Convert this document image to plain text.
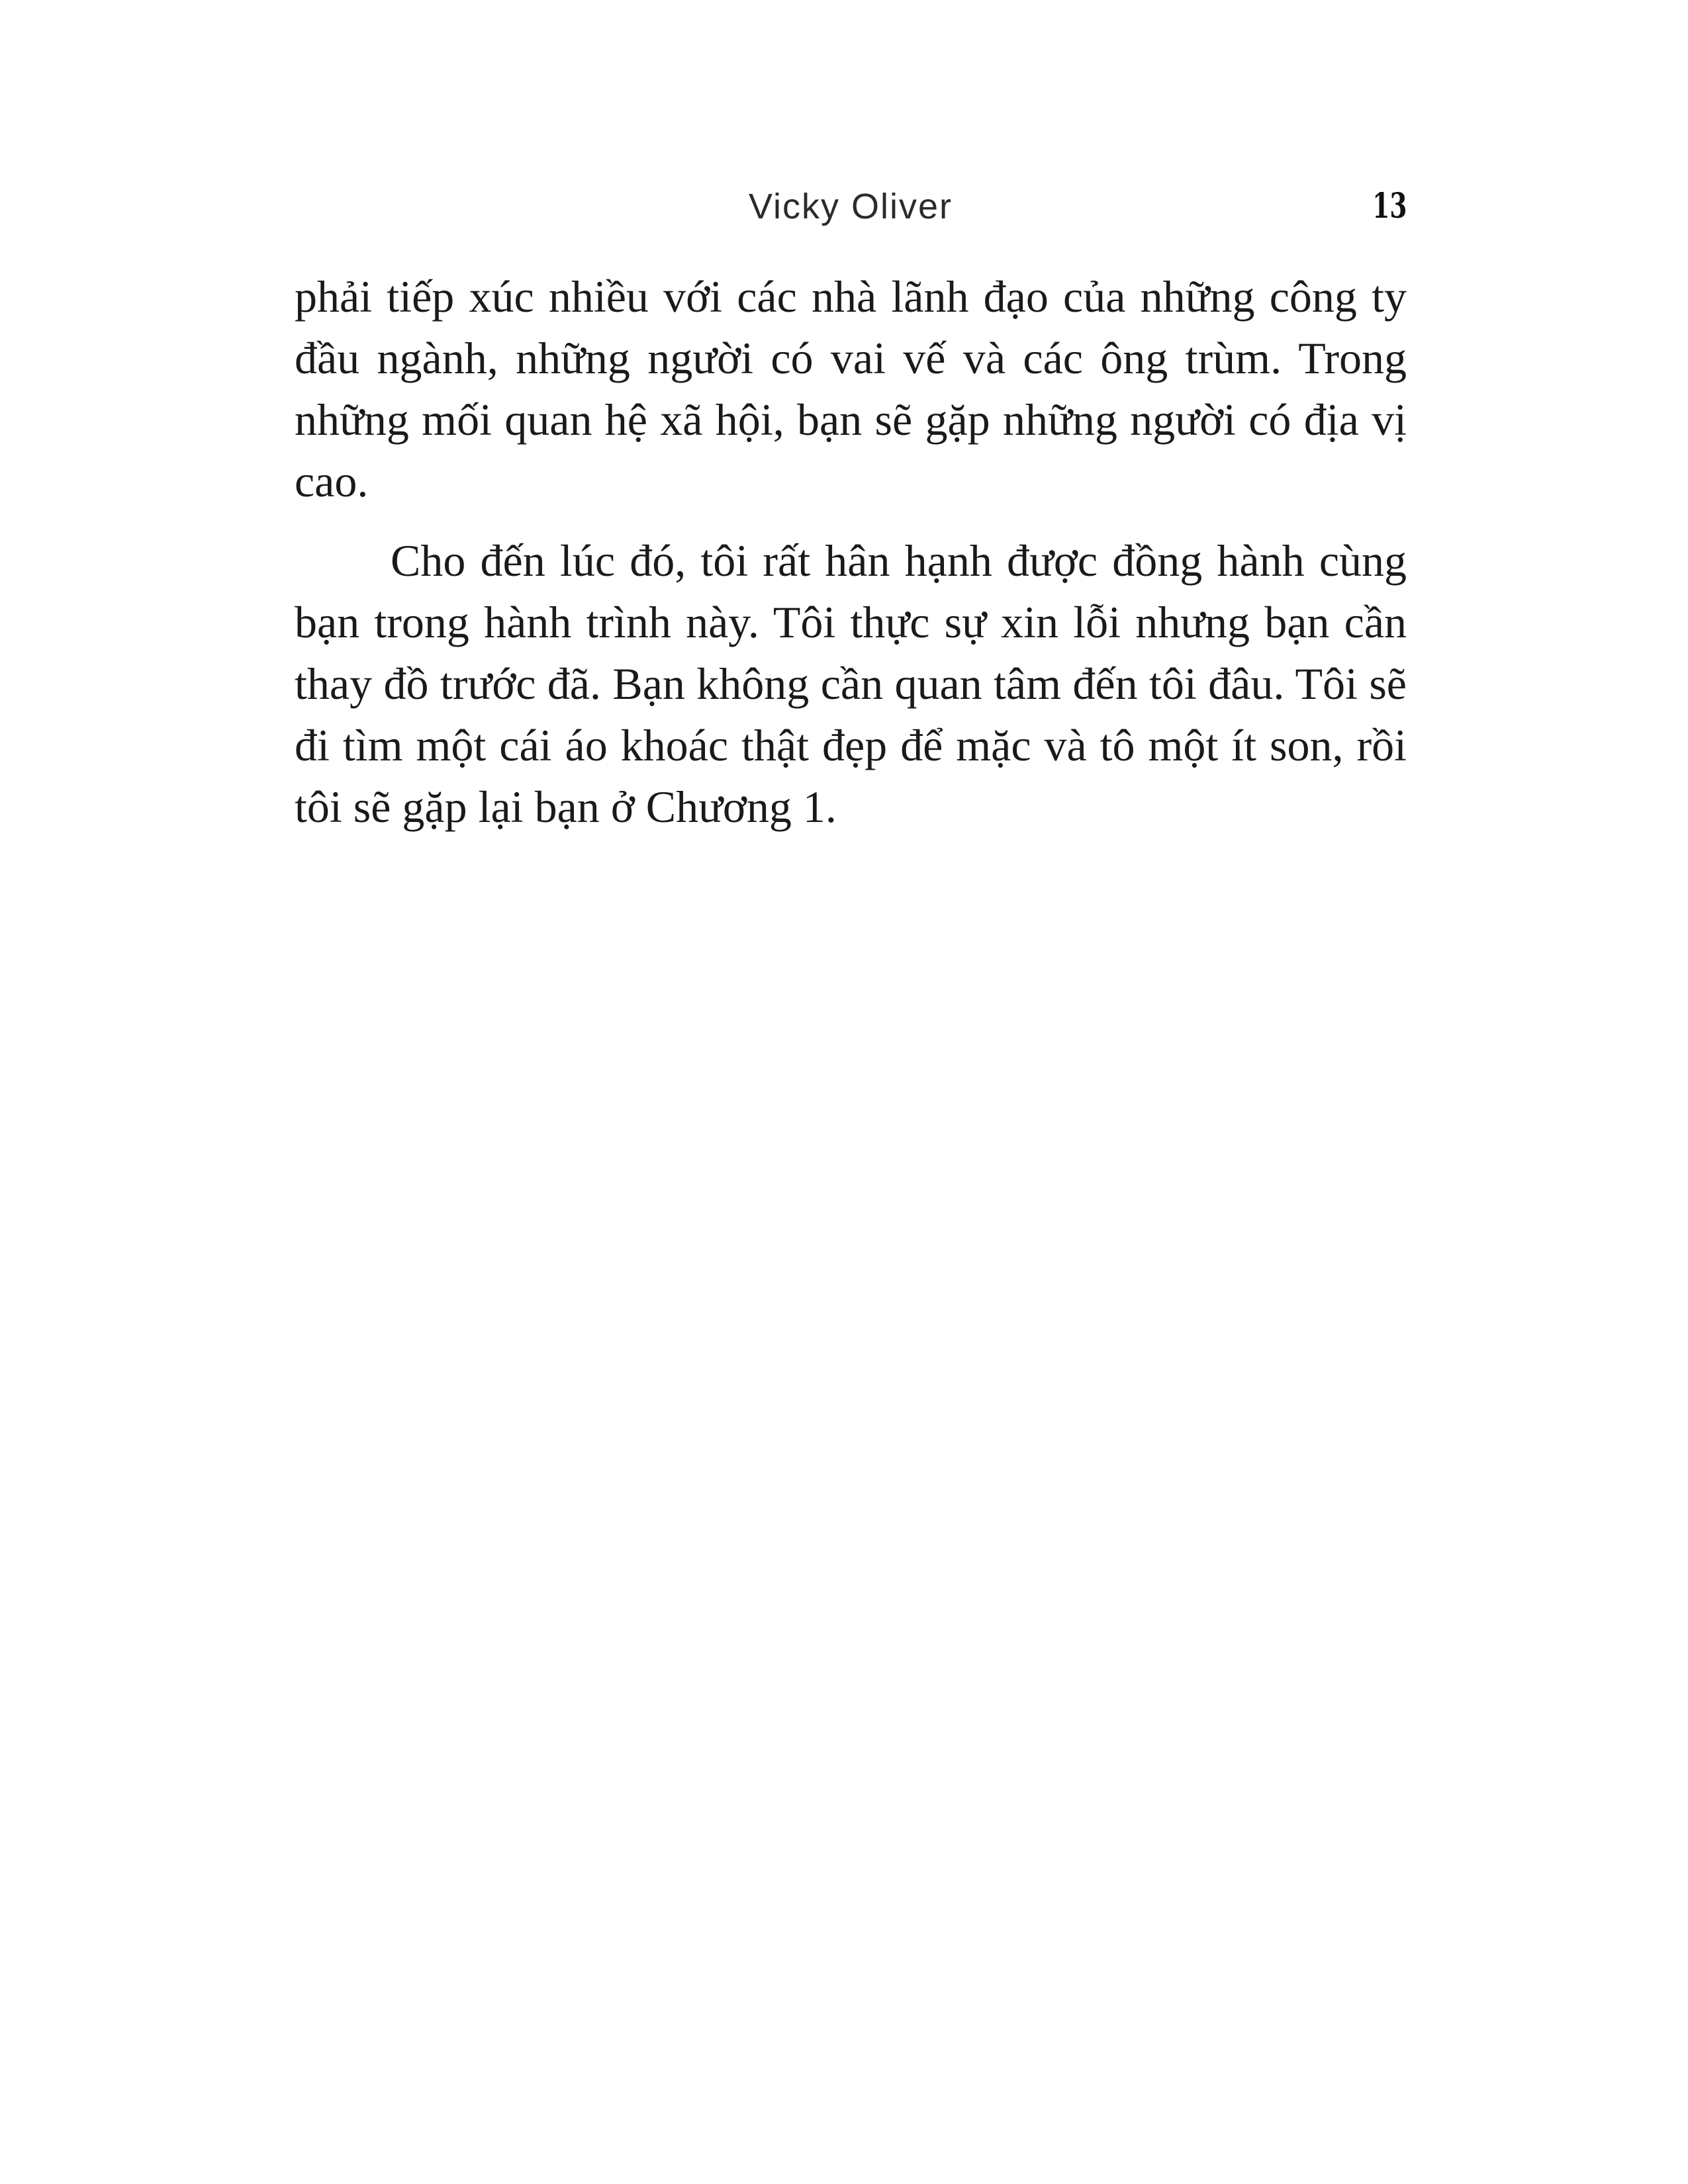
Vicky Oliver	13

phải tiếp xúc nhiều với các nhà lãnh đạo của những công ty đầu ngành, những người có vai vế và các ông trùm. Trong những mối quan hệ xã hội, bạn sẽ gặp những người có địa vị cao.

Cho đến lúc đó, tôi rất hân hạnh được đồng hành cùng bạn trong hành trình này. Tôi thực sự xin lỗi nhưng bạn cần thay đồ trước đã. Bạn không cần quan tâm đến tôi đâu. Tôi sẽ đi tìm một cái áo khoác thật đẹp để mặc và tô một ít son, rồi tôi sẽ gặp lại bạn ở Chương 1.
